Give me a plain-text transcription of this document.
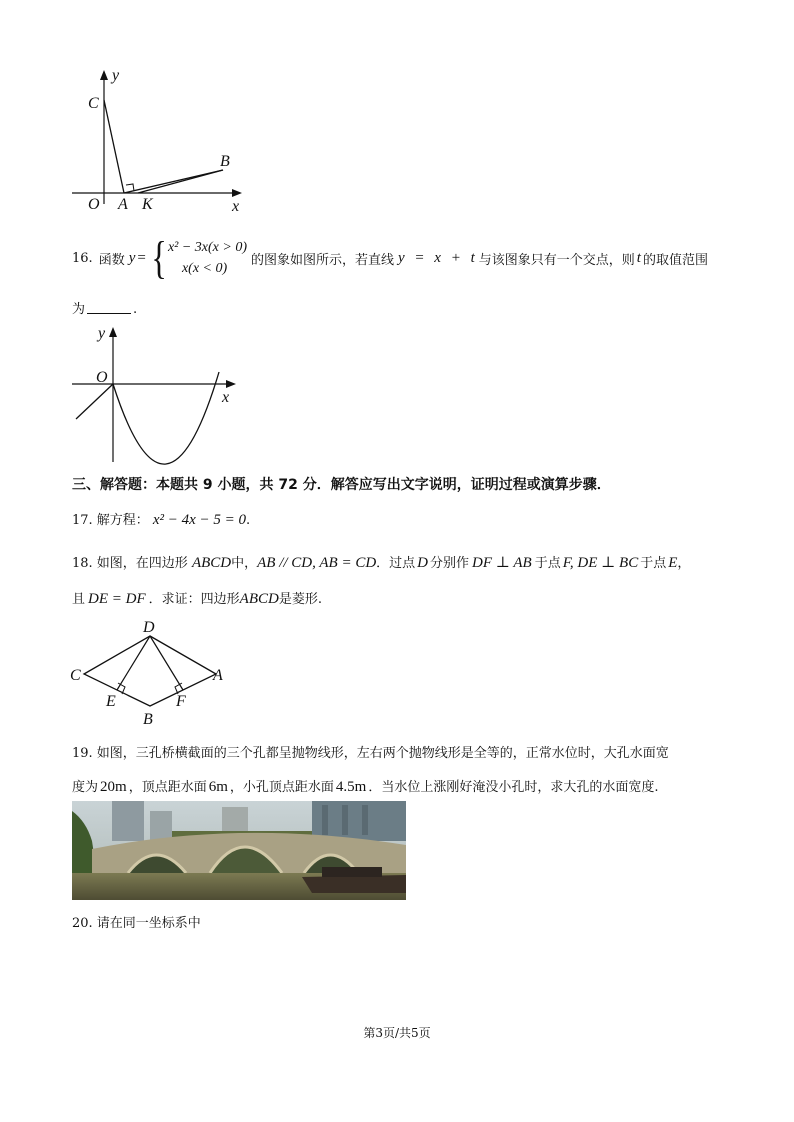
y
C
B
O A K	x
16. 函数 y = { x² − 3x(x > 0)
x(x < 0)
的图象如图所示，若直线 y = x + t 与该图象只有一个交点，则 t 的取值范围
为	.
y
O
x
三、解答题：本题共 9 小题，共 72 分．解答应写出文字说明，证明过程或演算步骤．
17. 解方程： x² − 4x − 5 = 0.
18. 如图，在四边形 ABCD中，AB // CD, AB = CD．过点 D 分别作 DF ⊥ AB 于点 F, DE ⊥ BC 于点 E，
且 DE = DF ．求证：四边形ABCD是菱形.
D
C	A
E	F
B
19. 如图，三孔桥横截面的三个孔都呈抛物线形，左右两个抛物线形是全等的，正常水位时，大孔水面宽
度为 20m ，顶点距水面 6m ，小孔顶点距水面 4.5m ．当水位上涨刚好淹没小孔时，求大孔的水面宽度.
20. 请在同一坐标系中
第3页/共5页
